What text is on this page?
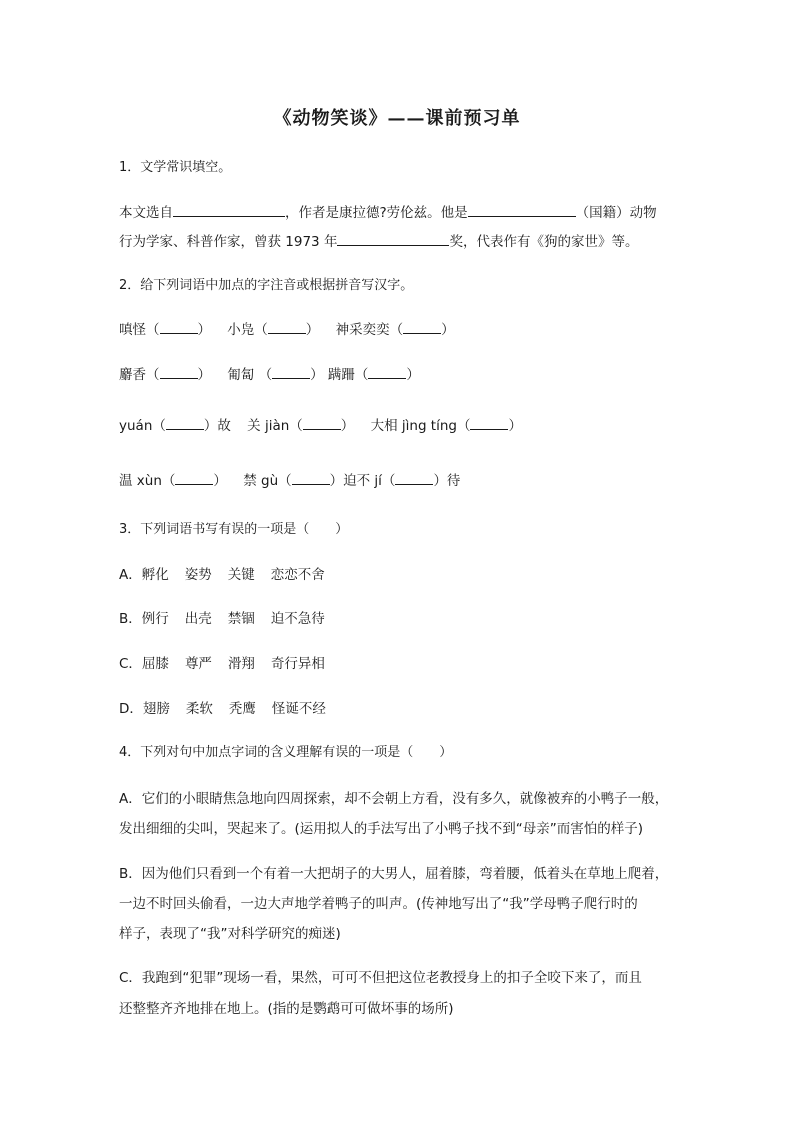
《动物笑谈》——课前预习单
1．文学常识填空。
本文选自	，作者是康拉德?劳伦兹。他是	（国籍）动物
行为学家、科普作家，曾获 1973 年	奖，代表作有《狗的家世》等。
2．给下列词语中加点的字注音或根据拼音写汉字。
嗔怪（	） 小凫（	） 神采奕奕（	）
麝香（	） 匍匐 （	） 蹒跚（	）
yuán（	）故 关 jiàn（	） 大相 jìng tíng（	）
温 xùn（	） 禁 gù（	）迫不 jí（	）待
3．下列词语书写有误的一项是（　　）
A．孵化 姿势 关键 恋恋不舍
B．例行 出壳 禁锢 迫不急待
C．屈膝 尊严 滑翔 奇行异相
D．翅膀 柔软 秃鹰 怪诞不经
4．下列对句中加点字词的含义理解有误的一项是（　　）
A．它们的小眼睛焦急地向四周探索，却不会朝上方看，没有多久，就像被弃的小鸭子一般，
发出细细的尖叫，哭起来了。(运用拟人的手法写出了小鸭子找不到“母亲”而害怕的样子)
B．因为他们只看到一个有着一大把胡子的大男人，屈着膝，弯着腰，低着头在草地上爬着，
一边不时回头偷看，一边大声地学着鸭子的叫声。(传神地写出了“我”学母鸭子爬行时的
样子，表现了“我”对科学研究的痴迷)
C．我跑到“犯罪”现场一看，果然，可可不但把这位老教授身上的扣子全咬下来了，而且
还整整齐齐地排在地上。(指的是鹦鹉可可做坏事的场所)
